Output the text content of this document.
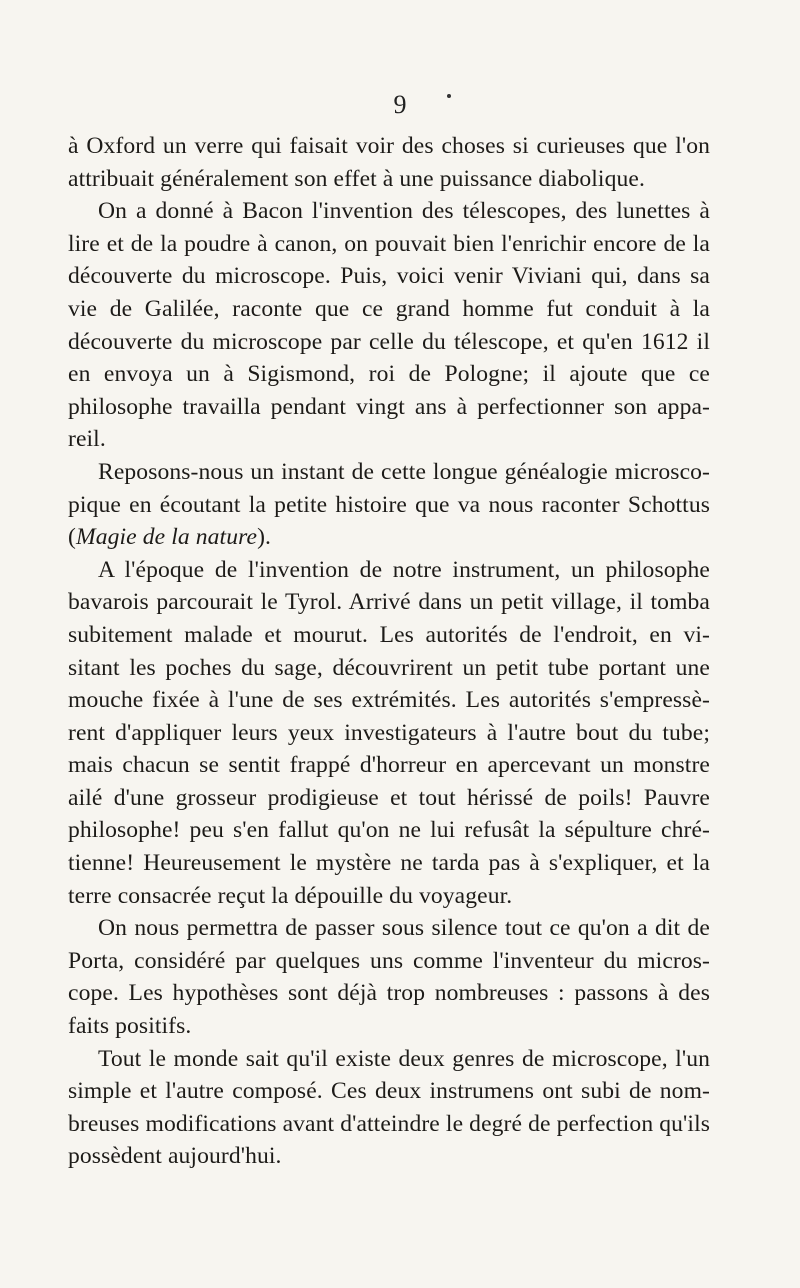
9

à Oxford un verre qui faisait voir des choses si curieuses que l'on attribuait généralement son effet à une puissance diabolique.

On a donné à Bacon l'invention des télescopes, des lunettes à lire et de la poudre à canon, on pouvait bien l'enrichir encore de la découverte du microscope. Puis, voici venir Viviani qui, dans sa vie de Galilée, raconte que ce grand homme fut conduit à la découverte du microscope par celle du télescope, et qu'en 1612 il en envoya un à Sigismond, roi de Pologne; il ajoute que ce philosophe travailla pendant vingt ans à perfectionner son appa- reil.

Reposons-nous un instant de cette longue généalogie microsco- pique en écoutant la petite histoire que va nous raconter Schottus (Magie de la nature).

A l'époque de l'invention de notre instrument, un philosophe bavarois parcourait le Tyrol. Arrivé dans un petit village, il tomba subitement malade et mourut. Les autorités de l'endroit, en vi- sitant les poches du sage, découvrirent un petit tube portant une mouche fixée à l'une de ses extrémités. Les autorités s'empressè- rent d'appliquer leurs yeux investigateurs à l'autre bout du tube; mais chacun se sentit frappé d'horreur en apercevant un monstre ailé d'une grosseur prodigieuse et tout hérissé de poils! Pauvre philosophe! peu s'en fallut qu'on ne lui refusât la sépulture chré- tienne! Heureusement le mystère ne tarda pas à s'expliquer, et la terre consacrée reçut la dépouille du voyageur.

On nous permettra de passer sous silence tout ce qu'on a dit de Porta, considéré par quelques uns comme l'inventeur du micros- cope. Les hypothèses sont déjà trop nombreuses : passons à des faits positifs.

Tout le monde sait qu'il existe deux genres de microscope, l'un simple et l'autre composé. Ces deux instrumens ont subi de nom- breuses modifications avant d'atteindre le degré de perfection qu'ils possèdent aujourd'hui.
